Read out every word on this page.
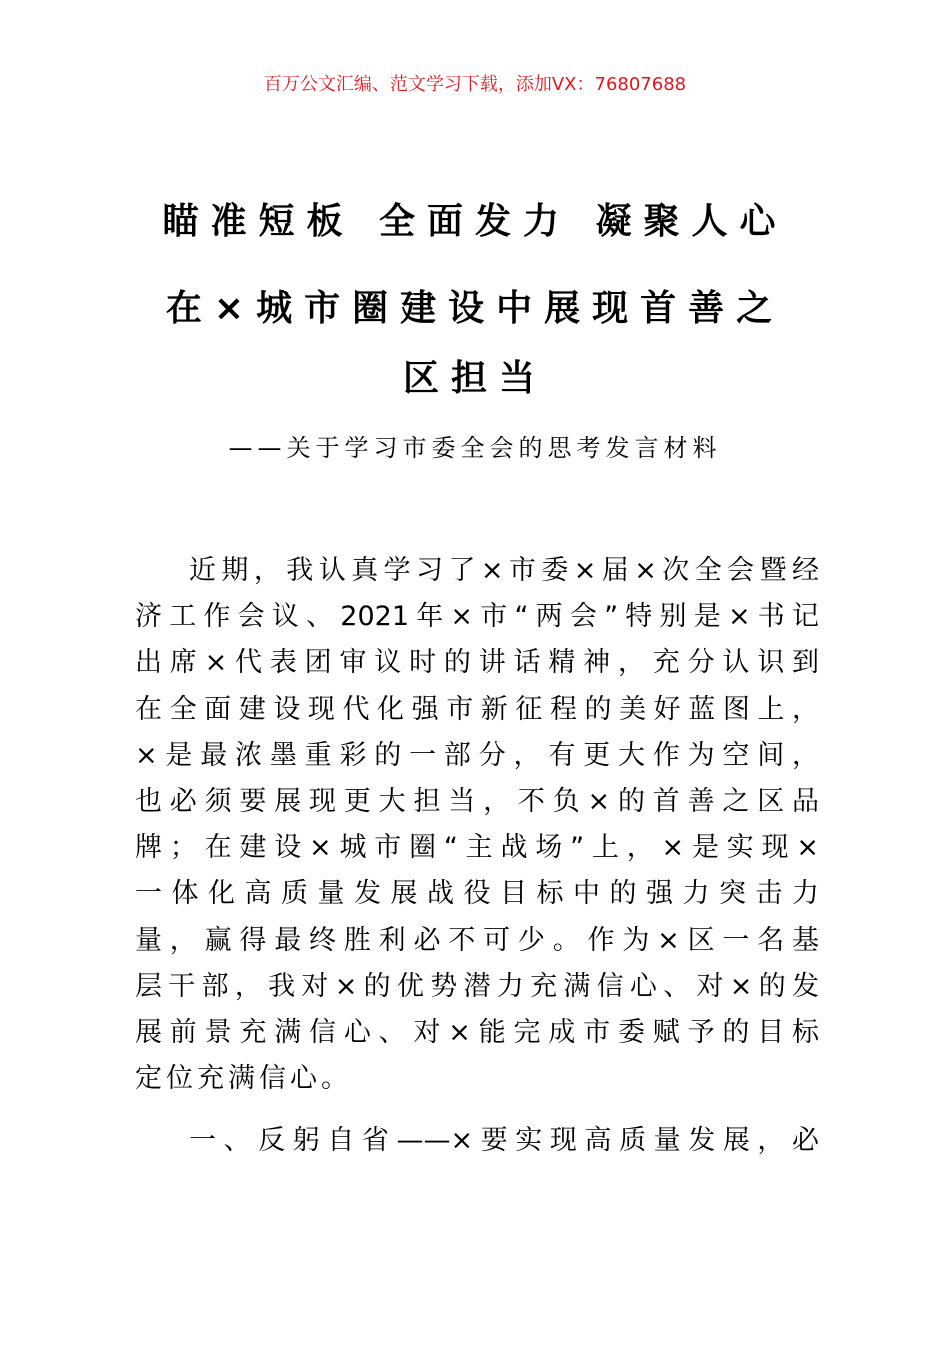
百万公文汇编、范文学习下载，添加VX：76807688
瞄准短板 全面发力 凝聚人心
在×城市圈建设中展现首善之
区担当
——关于学习市委全会的思考发言材料
近期，我认真学习了×市委×届×次全会暨经
济工作会议、2021年×市“两会”特别是×书记
出席×代表团审议时的讲话精神，充分认识到
在全面建设现代化强市新征程的美好蓝图上，
×是最浓墨重彩的一部分，有更大作为空间，
也必须要展现更大担当，不负×的首善之区品
牌；在建设×城市圈“主战场”上，×是实现×
一体化高质量发展战役目标中的强力突击力
量，赢得最终胜利必不可少。作为×区一名基
层干部，我对×的优势潜力充满信心、对×的发
展前景充满信心、对×能完成市委赋予的目标
定位充满信心。
一、反躬自省——×要实现高质量发展，必
